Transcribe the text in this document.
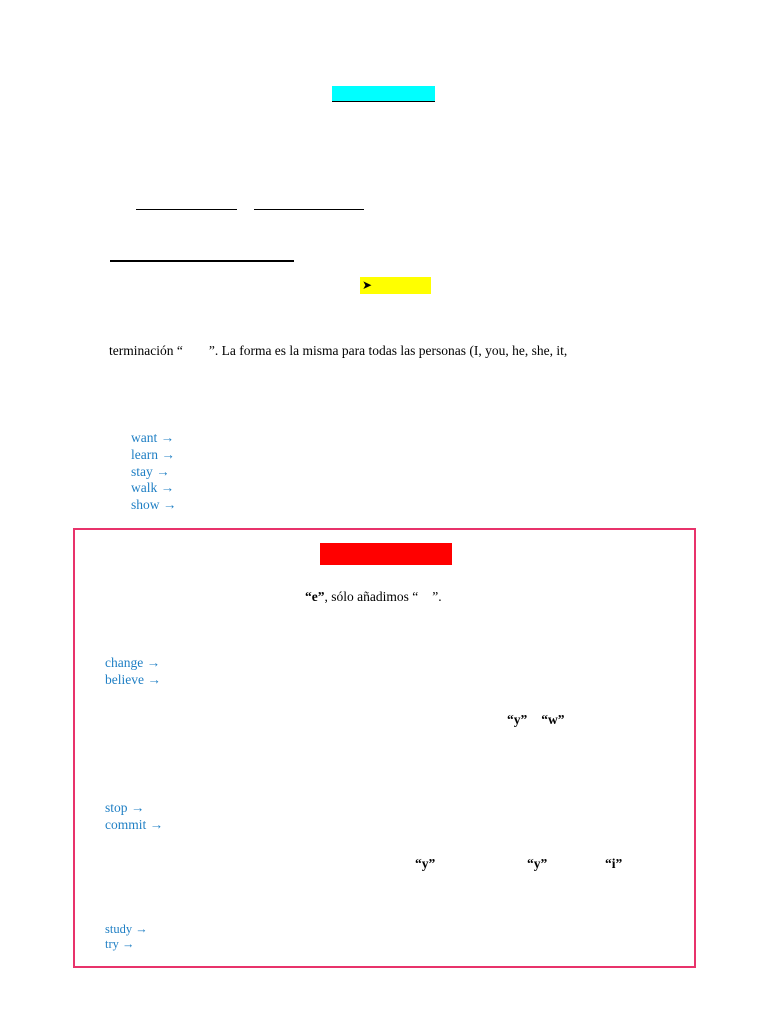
➤
terminación “ ”. La forma es la misma para todas las personas (I, you, he, she, it,
want →
learn →
stay →
walk →
show →
“e”, sólo añadimos “ ”.
change →
believe →
“y” “w”
stop →
commit →
“y”	“y”	“i”
study →
try →
